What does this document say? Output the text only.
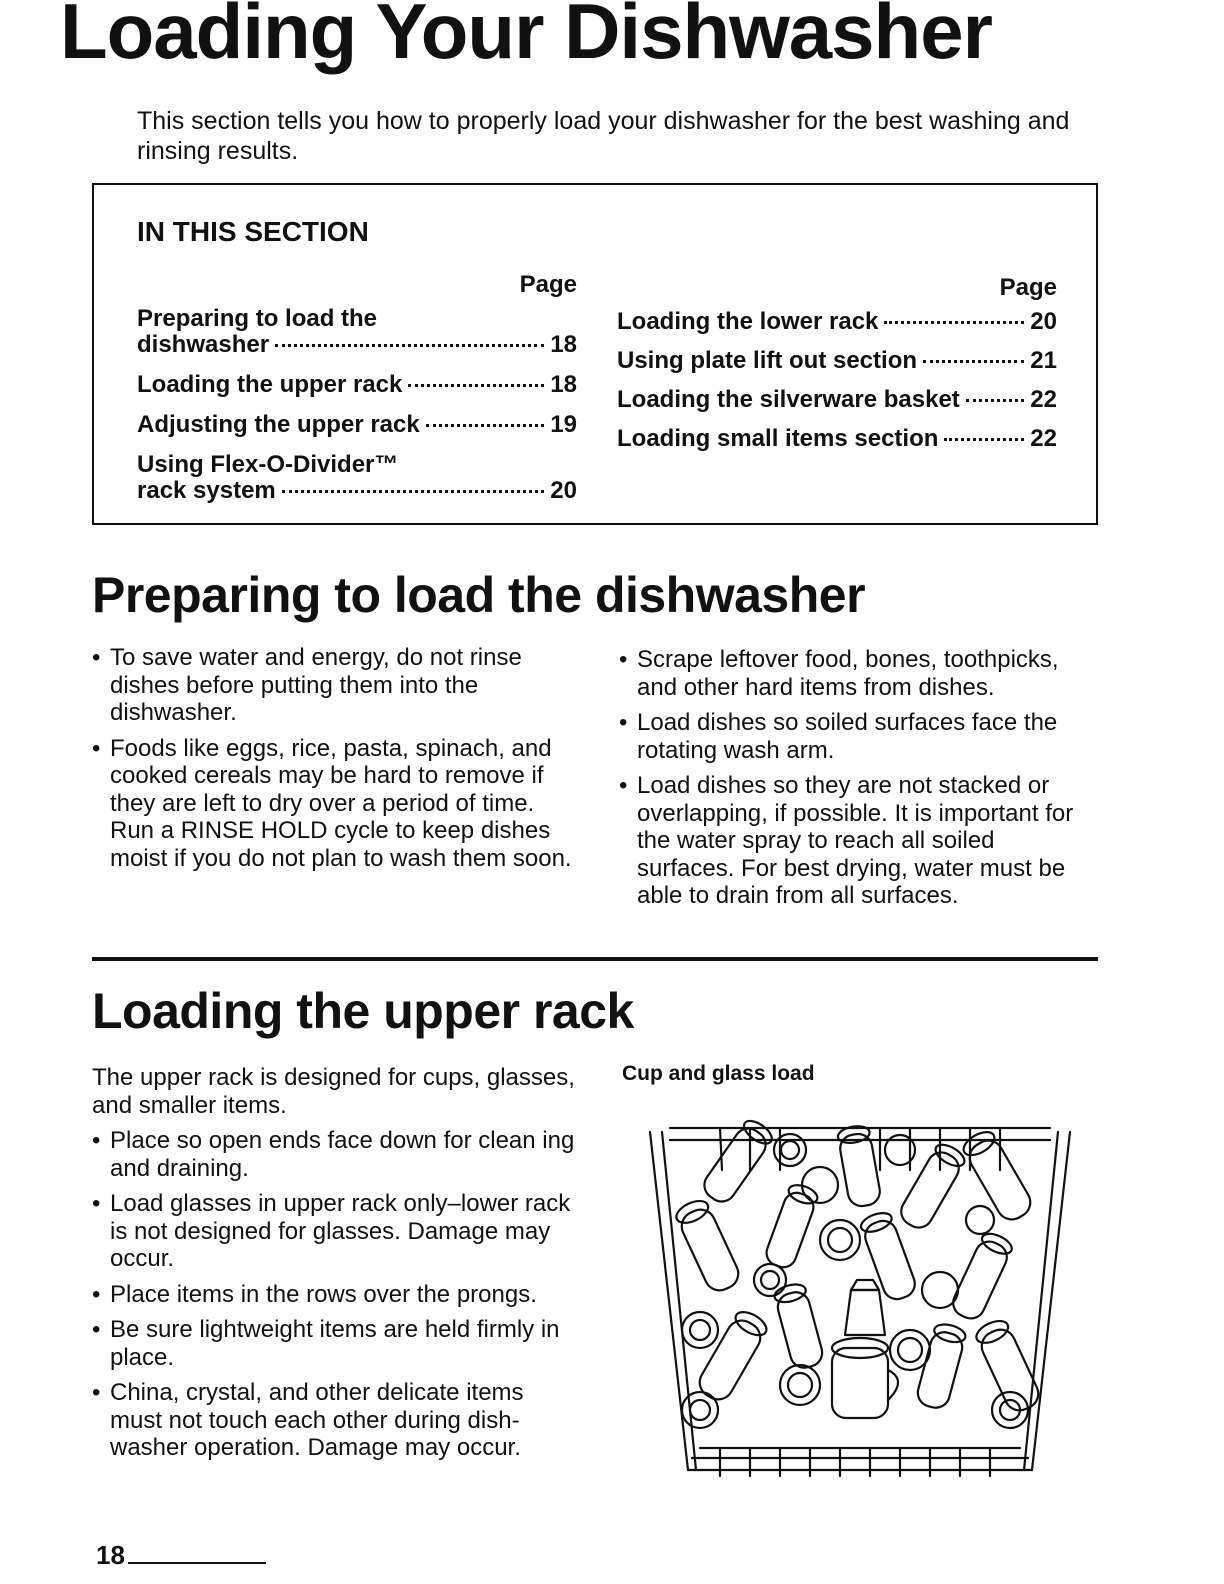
Loading Your Dishwasher
This section tells you how to properly load your dishwasher for the best washing and rinsing results.
IN THIS SECTION
Page
Preparing to load the
dishwasher	18
Loading the upper rack	18
Adjusting the upper rack	19
Using Flex-O-Divider™
rack system	20
Page
Loading the lower rack	20
Using plate lift out section	21
Loading the silverware basket	22
Loading small items section	22
Preparing to load the dishwasher
• To save water and energy, do not rinse dishes before putting them into the dishwasher.
• Foods like eggs, rice, pasta, spinach, and cooked cereals may be hard to remove if they are left to dry over a period of time. Run a RINSE HOLD cycle to keep dishes moist if you do not plan to wash them soon.
• Scrape leftover food, bones, toothpicks, and other hard items from dishes.
• Load dishes so soiled surfaces face the rotating wash arm.
• Load dishes so they are not stacked or overlapping, if possible. It is important for the water spray to reach all soiled surfaces. For best drying, water must be able to drain from all surfaces.
Loading the upper rack
The upper rack is designed for cups, glasses, and smaller items.
• Place so open ends face down for clean ing and draining.
• Load glasses in upper rack only–lower rack is not designed for glasses. Damage may occur.
• Place items in the rows over the prongs.
• Be sure lightweight items are held firmly in place.
• China, crystal, and other delicate items must not touch each other during dish-washer operation. Damage may occur.
Cup and glass load
18
